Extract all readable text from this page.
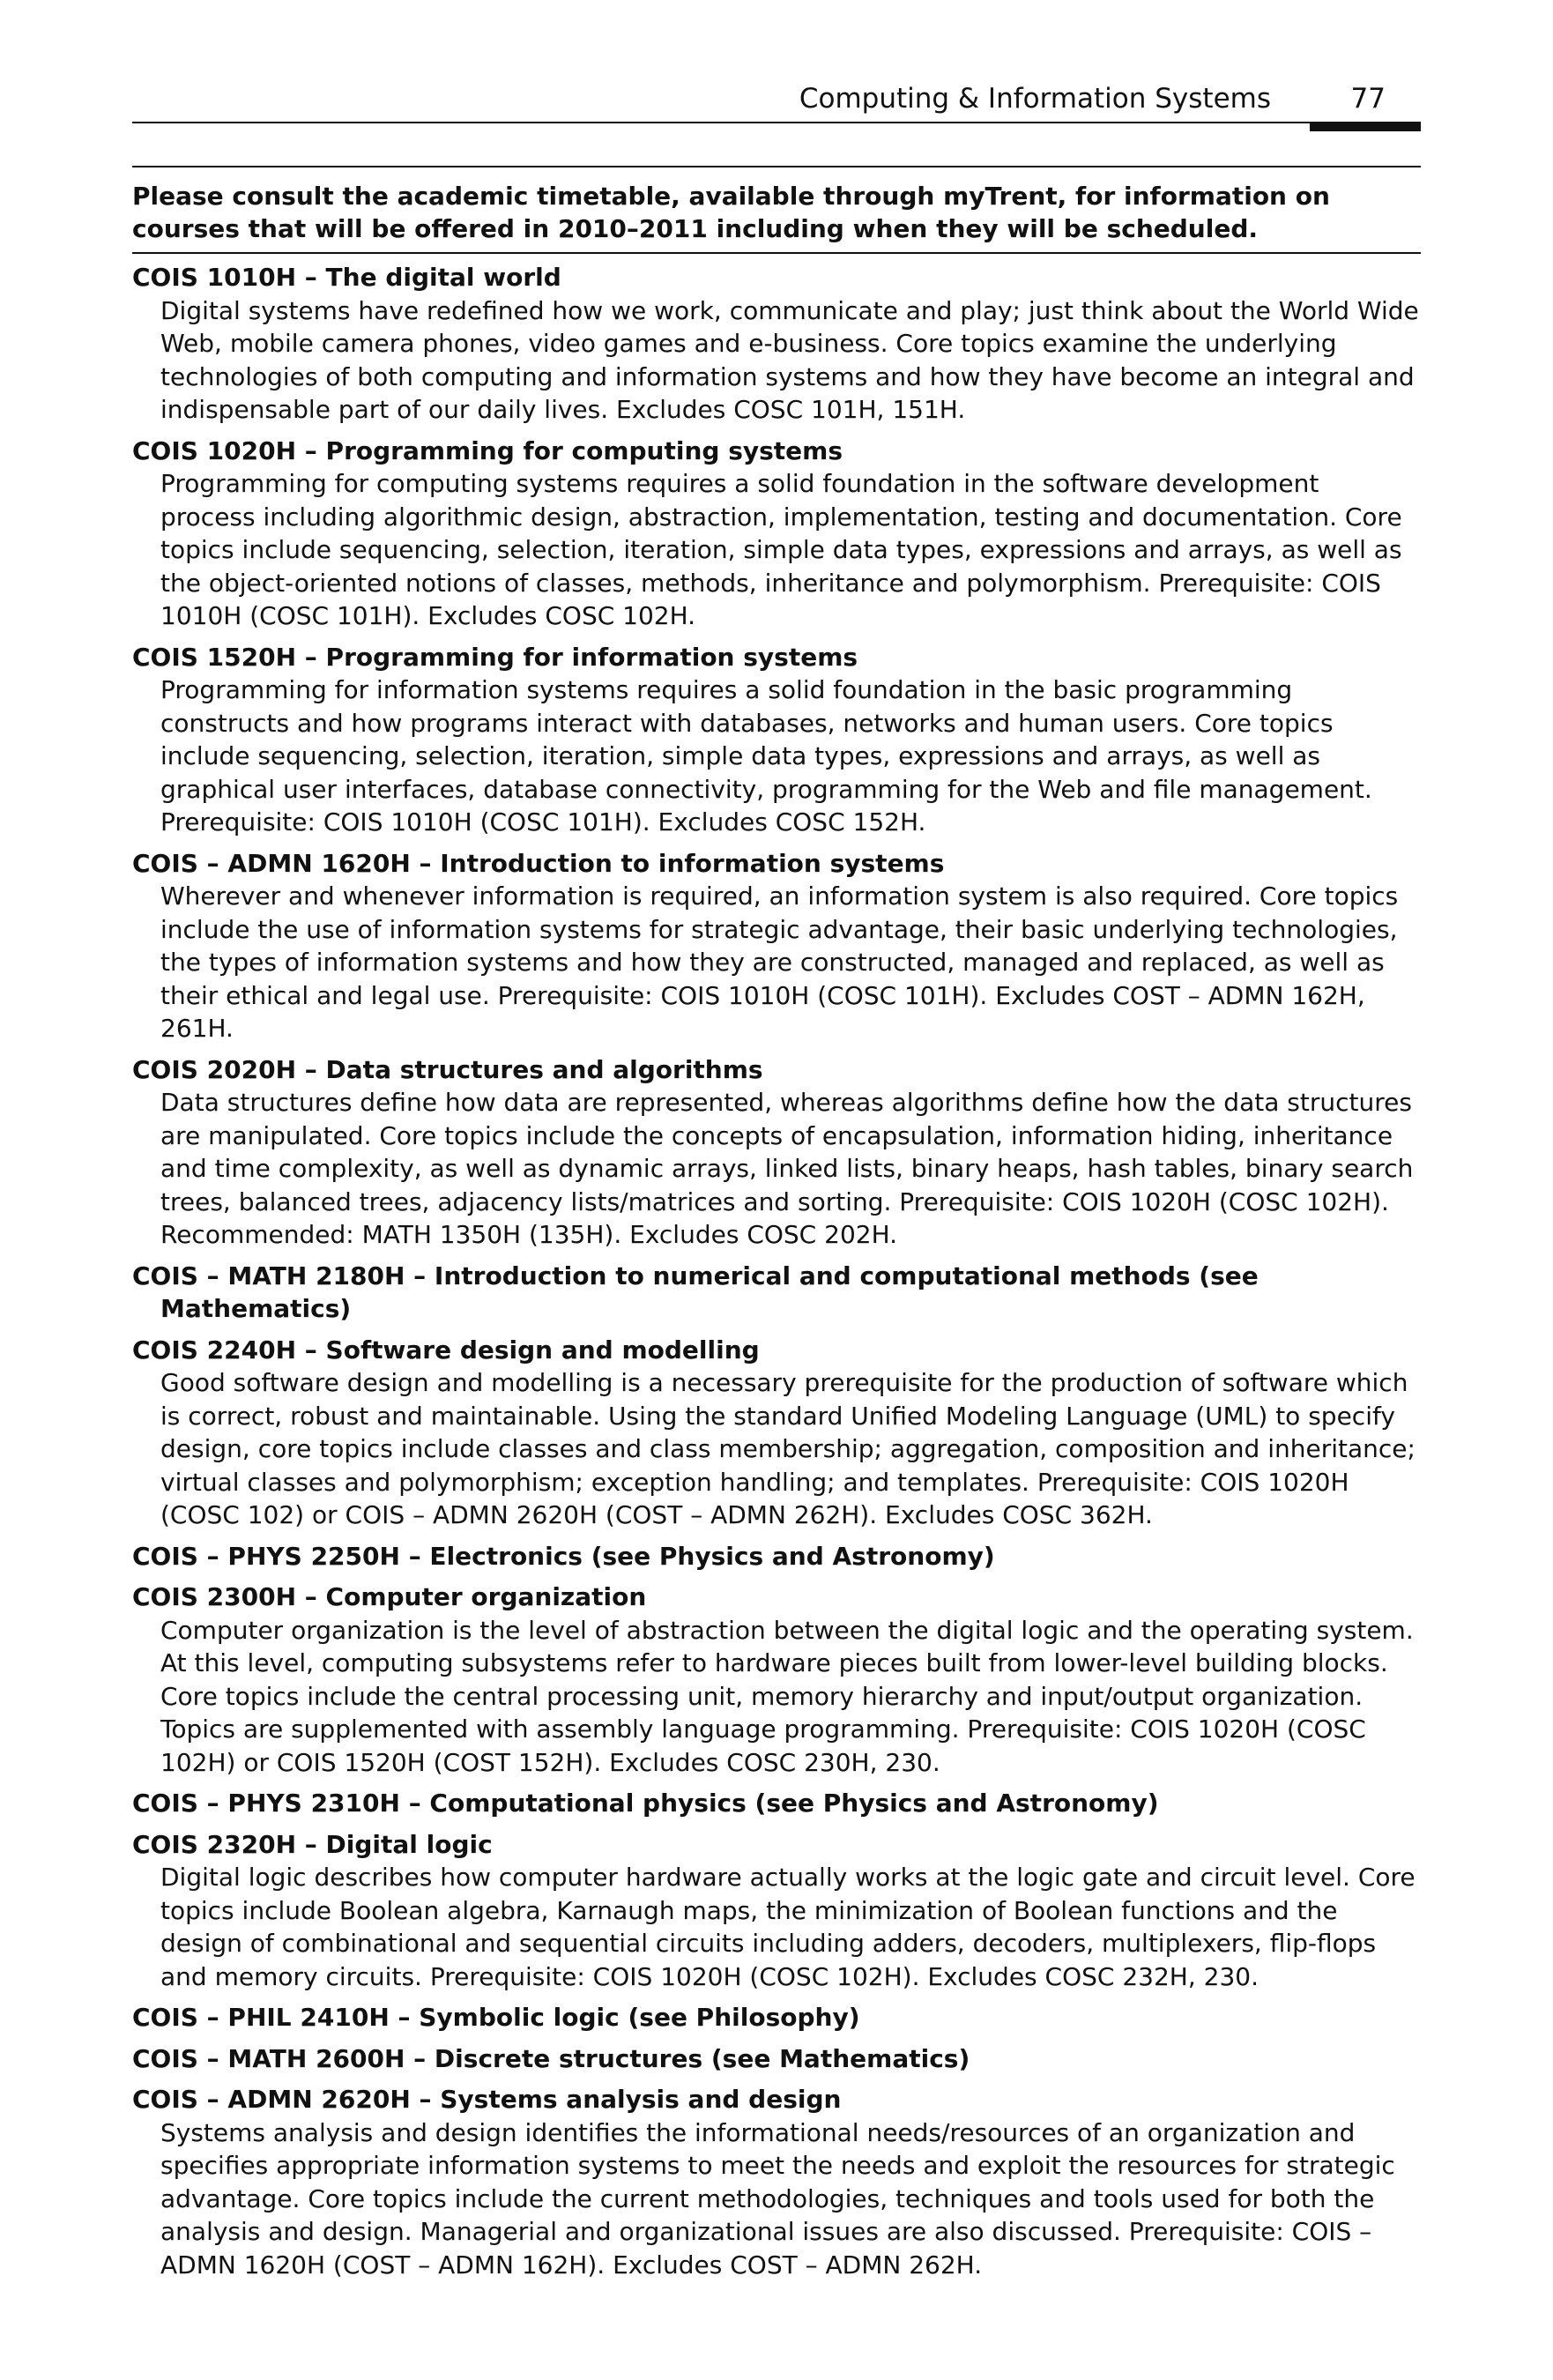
Computing & Information Systems	77
Please consult the academic timetable, available through myTrent, for information on courses that will be offered in 2010–2011 including when they will be scheduled.
COIS 1010H – The digital world
Digital systems have redefined how we work, communicate and play; just think about the World Wide Web, mobile camera phones, video games and e-business. Core topics examine the underlying technologies of both computing and information systems and how they have become an integral and indispensable part of our daily lives. Excludes COSC 101H, 151H.
COIS 1020H – Programming for computing systems
Programming for computing systems requires a solid foundation in the software development process including algorithmic design, abstraction, implementation, testing and documentation. Core topics include sequencing, selection, iteration, simple data types, expressions and arrays, as well as the object-oriented notions of classes, methods, inheritance and polymorphism. Prerequisite: COIS 1010H (COSC 101H). Excludes COSC 102H.
COIS 1520H – Programming for information systems
Programming for information systems requires a solid foundation in the basic programming constructs and how programs interact with databases, networks and human users. Core topics include sequencing, selection, iteration, simple data types, expressions and arrays, as well as graphical user interfaces, database connectivity, programming for the Web and file management. Prerequisite: COIS 1010H (COSC 101H). Excludes COSC 152H.
COIS – ADMN 1620H – Introduction to information systems
Wherever and whenever information is required, an information system is also required. Core topics include the use of information systems for strategic advantage, their basic underlying technologies, the types of information systems and how they are constructed, managed and replaced, as well as their ethical and legal use. Prerequisite: COIS 1010H (COSC 101H). Excludes COST – ADMN 162H, 261H.
COIS 2020H – Data structures and algorithms
Data structures define how data are represented, whereas algorithms define how the data structures are manipulated. Core topics include the concepts of encapsulation, information hiding, inheritance and time complexity, as well as dynamic arrays, linked lists, binary heaps, hash tables, binary search trees, balanced trees, adjacency lists/matrices and sorting. Prerequisite: COIS 1020H (COSC 102H). Recommended: MATH 1350H (135H). Excludes COSC 202H.
COIS – MATH 2180H – Introduction to numerical and computational methods (see Mathematics)
COIS 2240H – Software design and modelling
Good software design and modelling is a necessary prerequisite for the production of software which is correct, robust and maintainable. Using the standard Unified Modeling Language (UML) to specify design, core topics include classes and class membership; aggregation, composition and inheritance; virtual classes and polymorphism; exception handling; and templates. Prerequisite: COIS 1020H (COSC 102) or COIS – ADMN 2620H (COST – ADMN 262H). Excludes COSC 362H.
COIS – PHYS 2250H – Electronics (see Physics and Astronomy)
COIS 2300H – Computer organization
Computer organization is the level of abstraction between the digital logic and the operating system. At this level, computing subsystems refer to hardware pieces built from lower-level building blocks. Core topics include the central processing unit, memory hierarchy and input/output organization. Topics are supplemented with assembly language programming. Prerequisite: COIS 1020H (COSC 102H) or COIS 1520H (COST 152H). Excludes COSC 230H, 230.
COIS – PHYS 2310H – Computational physics (see Physics and Astronomy)
COIS 2320H – Digital logic
Digital logic describes how computer hardware actually works at the logic gate and circuit level. Core topics include Boolean algebra, Karnaugh maps, the minimization of Boolean functions and the design of combinational and sequential circuits including adders, decoders, multiplexers, flip-flops and memory circuits. Prerequisite: COIS 1020H (COSC 102H). Excludes COSC 232H, 230.
COIS – PHIL 2410H – Symbolic logic (see Philosophy)
COIS – MATH 2600H – Discrete structures (see Mathematics)
COIS – ADMN 2620H – Systems analysis and design
Systems analysis and design identifies the informational needs/resources of an organization and specifies appropriate information systems to meet the needs and exploit the resources for strategic advantage. Core topics include the current methodologies, techniques and tools used for both the analysis and design. Managerial and organizational issues are also discussed. Prerequisite: COIS – ADMN 1620H (COST – ADMN 162H). Excludes COST – ADMN 262H.
